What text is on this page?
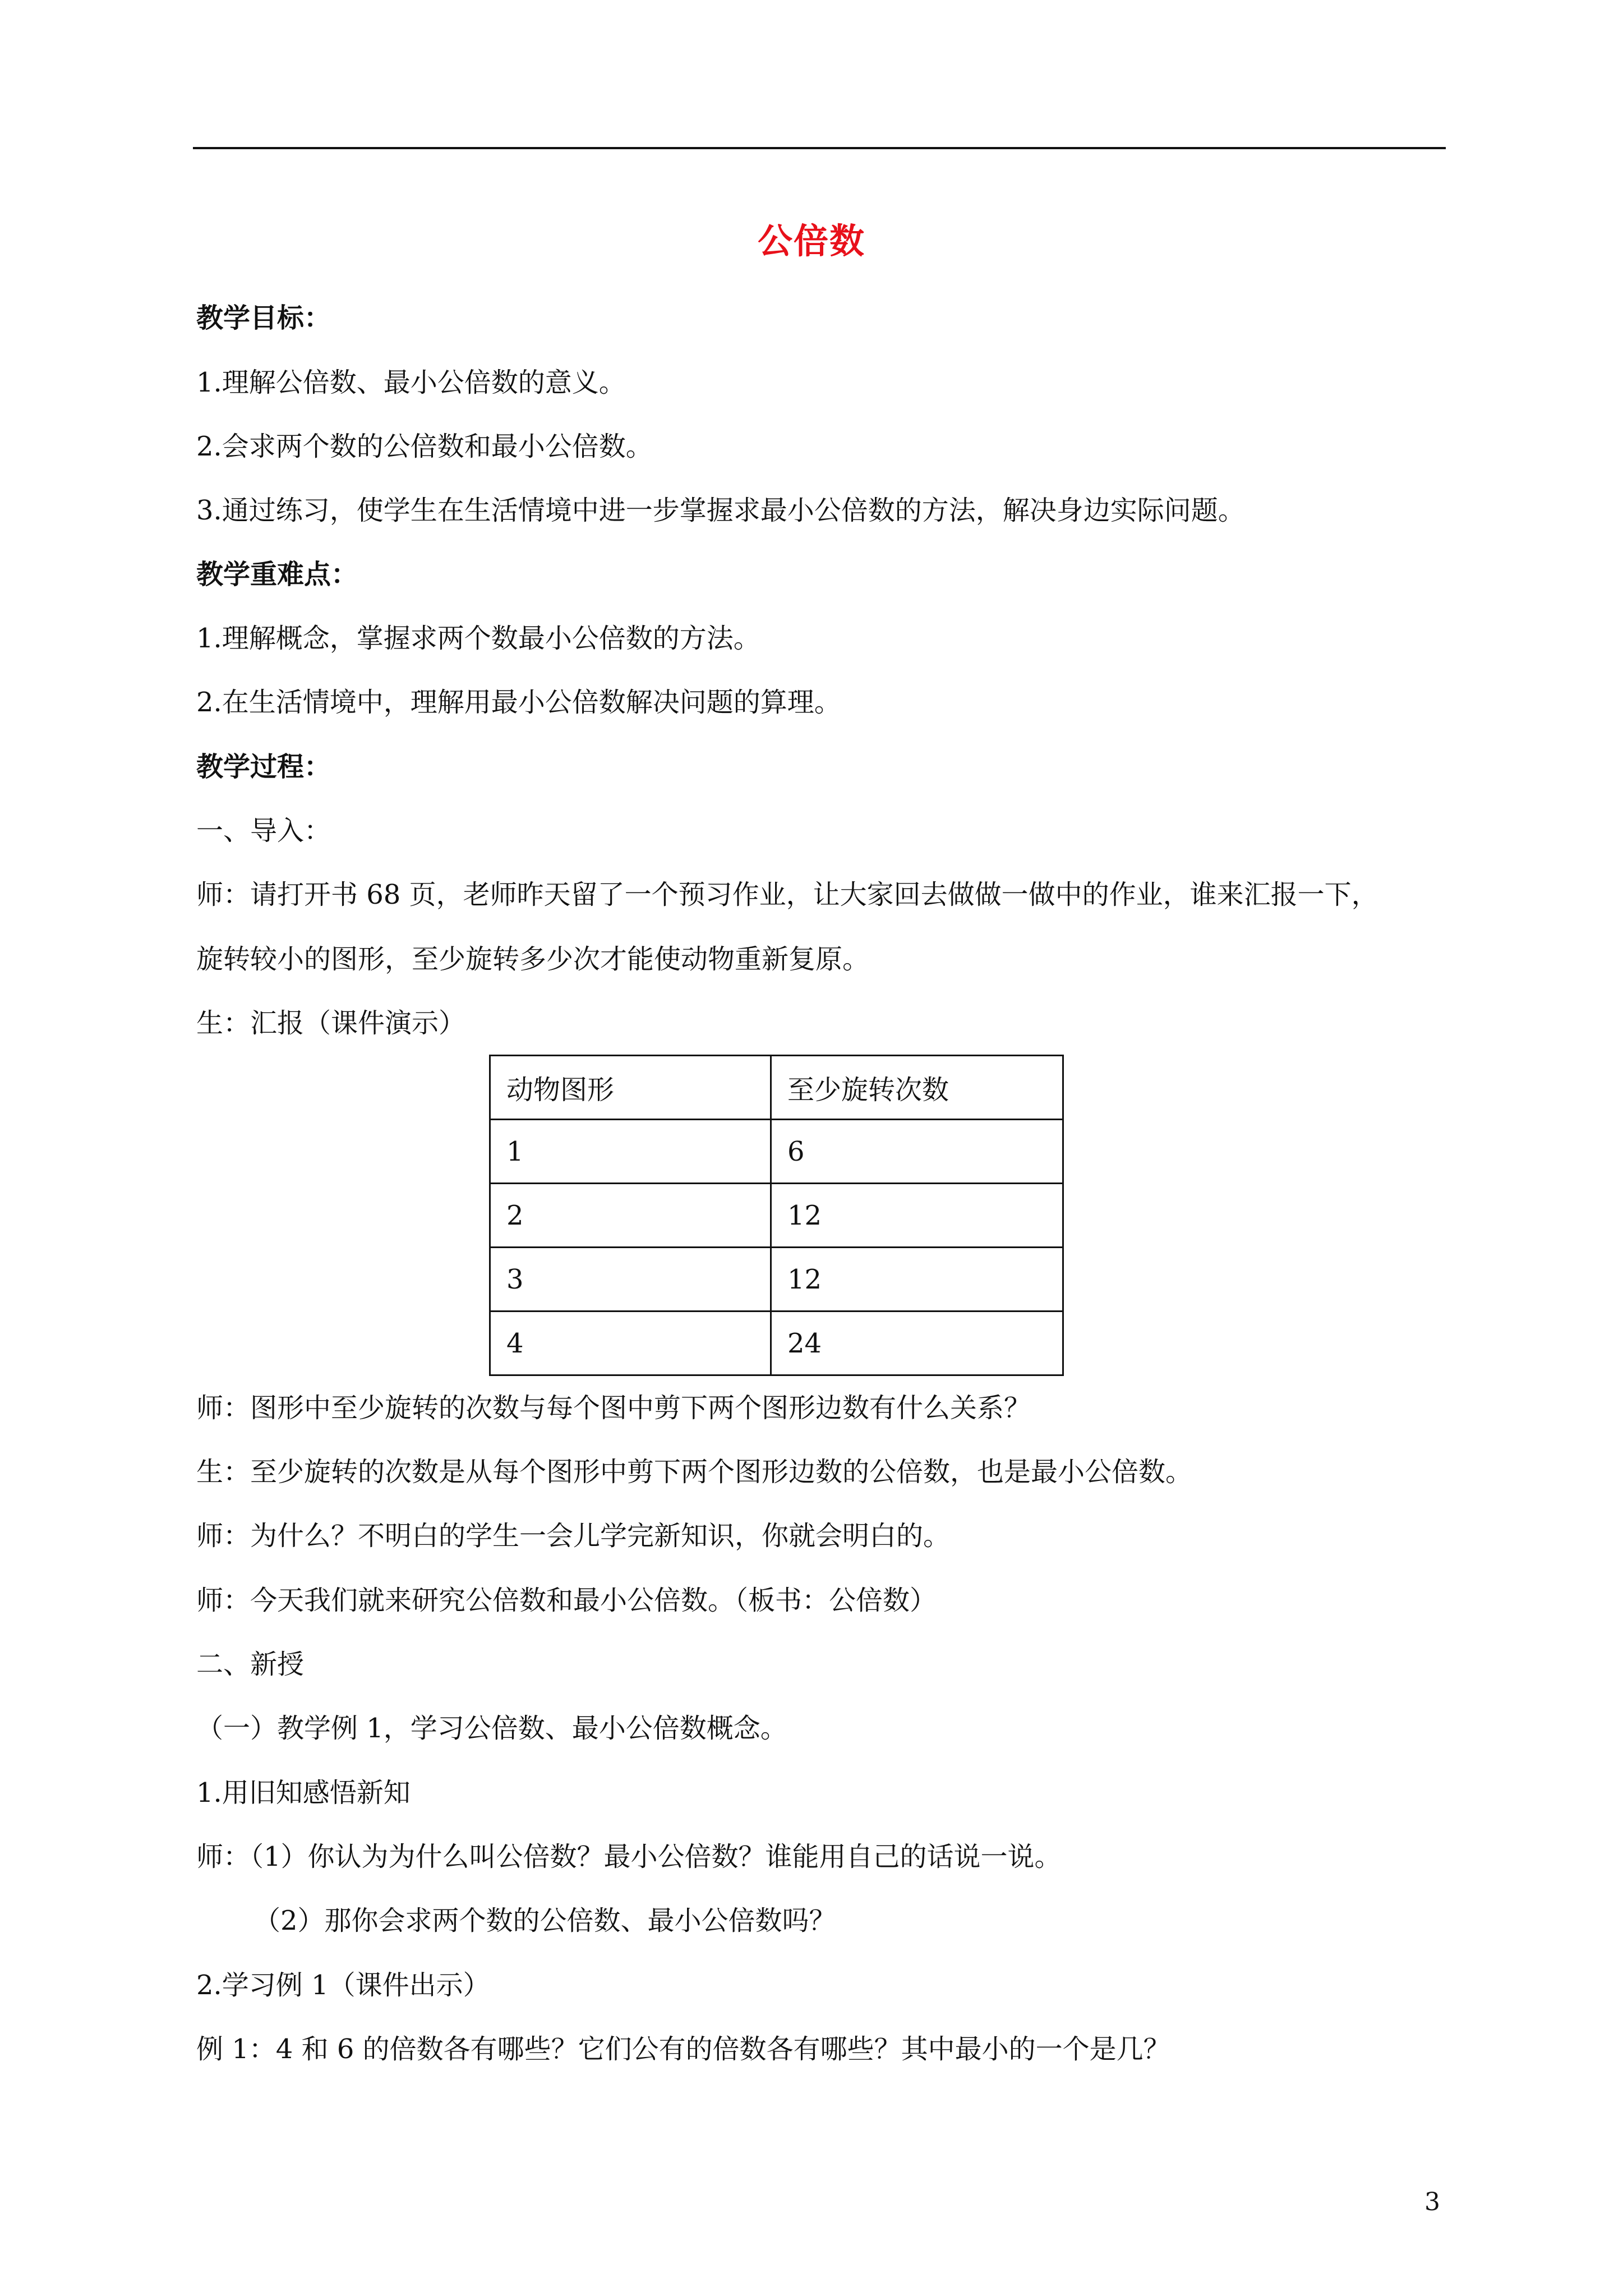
公倍数
教学目标：
1.理解公倍数、最小公倍数的意义。
2.会求两个数的公倍数和最小公倍数。
3.通过练习，使学生在生活情境中进一步掌握求最小公倍数的方法，解决身边实际问题。
教学重难点：
1.理解概念，掌握求两个数最小公倍数的方法。
2.在生活情境中，理解用最小公倍数解决问题的算理。
教学过程：
一、导入：
师：请打开书 68 页，老师昨天留了一个预习作业，让大家回去做做一做中的作业，谁来汇报一下，
旋转较小的图形，至少旋转多少次才能使动物重新复原。
生：汇报（课件演示）
动物图形	至少旋转次数
1	6
2	12
3	12
4	24
师：图形中至少旋转的次数与每个图中剪下两个图形边数有什么关系？
生：至少旋转的次数是从每个图形中剪下两个图形边数的公倍数，也是最小公倍数。
师：为什么？不明白的学生一会儿学完新知识，你就会明白的。
师：今天我们就来研究公倍数和最小公倍数。（板书：公倍数）
二、新授
（一）教学例 1，学习公倍数、最小公倍数概念。
1.用旧知感悟新知
师：（1）你认为为什么叫公倍数？最小公倍数？谁能用自己的话说一说。
（2）那你会求两个数的公倍数、最小公倍数吗？
2.学习例 1（课件出示）
例 1：4 和 6 的倍数各有哪些？它们公有的倍数各有哪些？其中最小的一个是几？
3
